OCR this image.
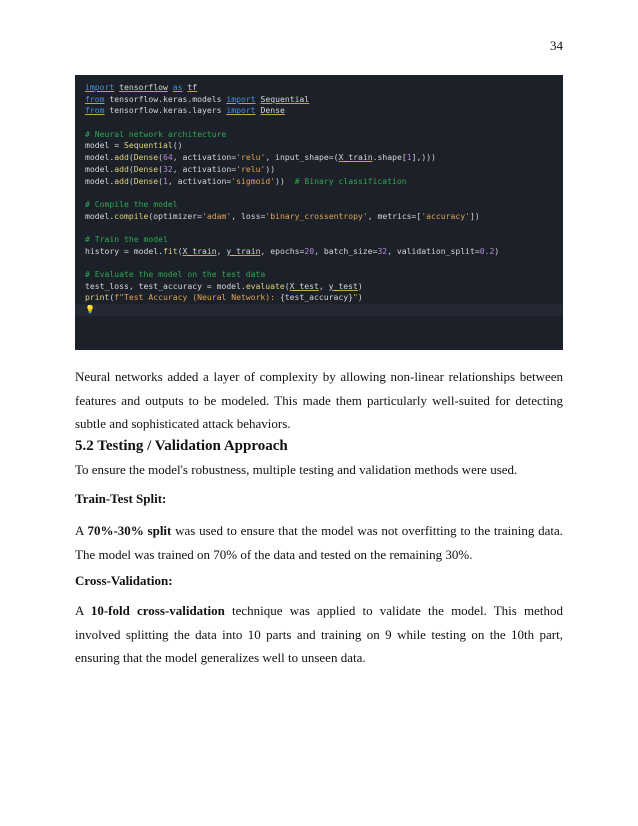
34
import tensorflow as tf
from tensorflow.keras.models import Sequential
from tensorflow.keras.layers import Dense

# Neural network architecture
model = Sequential()
model.add(Dense(64, activation='relu', input_shape=(X_train.shape[1],)))
model.add(Dense(32, activation='relu'))
model.add(Dense(1, activation='sigmoid'))  # Binary classification

# Compile the model
model.compile(optimizer='adam', loss='binary_crossentropy', metrics=['accuracy'])

# Train the model
history = model.fit(X_train, y_train, epochs=20, batch_size=32, validation_split=0.2)

# Evaluate the model on the test data
test_loss, test_accuracy = model.evaluate(X_test, y_test)
print(f"Test Accuracy (Neural Network): {test_accuracy}")
💡
Neural networks added a layer of complexity by allowing non-linear relationships between features and outputs to be modeled. This made them particularly well-suited for detecting subtle and sophisticated attack behaviors.
5.2 Testing / Validation Approach
To ensure the model's robustness, multiple testing and validation methods were used.
Train-Test Split:
A 70%-30% split was used to ensure that the model was not overfitting to the training data. The model was trained on 70% of the data and tested on the remaining 30%.
Cross-Validation:
A 10-fold cross-validation technique was applied to validate the model. This method involved splitting the data into 10 parts and training on 9 while testing on the 10th part, ensuring that the model generalizes well to unseen data.
